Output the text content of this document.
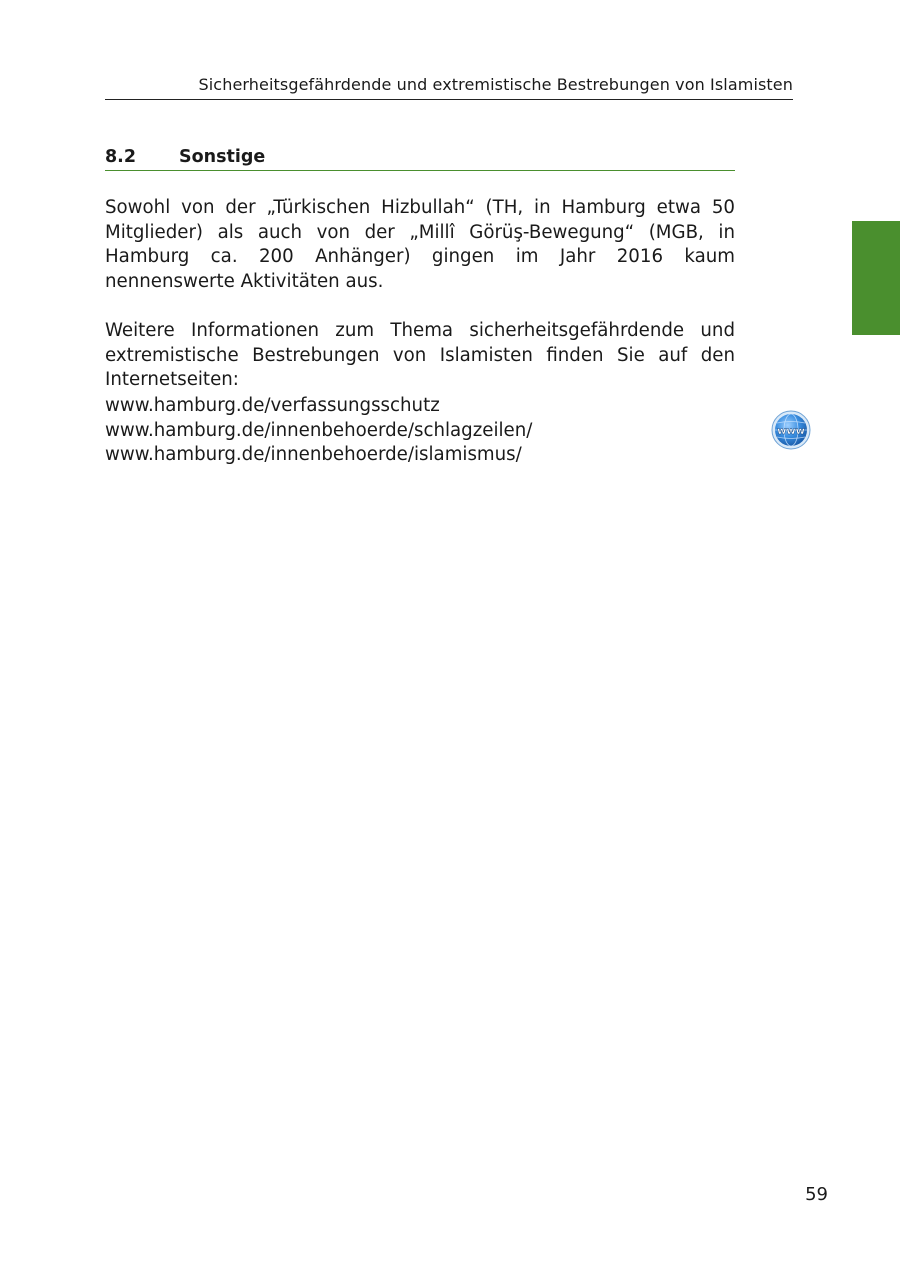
Sicherheitsgefährdende und extremistische Bestrebungen von Islamisten
8.2 Sonstige

Sowohl von der „Türkischen Hizbullah“ (TH, in Hamburg etwa 50 Mitglieder) als auch von der „Millî Görüş-Bewegung“ (MGB, in Hamburg ca. 200 Anhänger) gingen im Jahr 2016 kaum nennenswerte Aktivitäten aus.

Weitere Informationen zum Thema sicherheitsgefährdende und extremistische Bestrebungen von Islamisten finden Sie auf den Internetseiten:

www.hamburg.de/verfassungsschutz
www.hamburg.de/innenbehoerde/schlagzeilen/
www.hamburg.de/innenbehoerde/islamismus/
www
59
